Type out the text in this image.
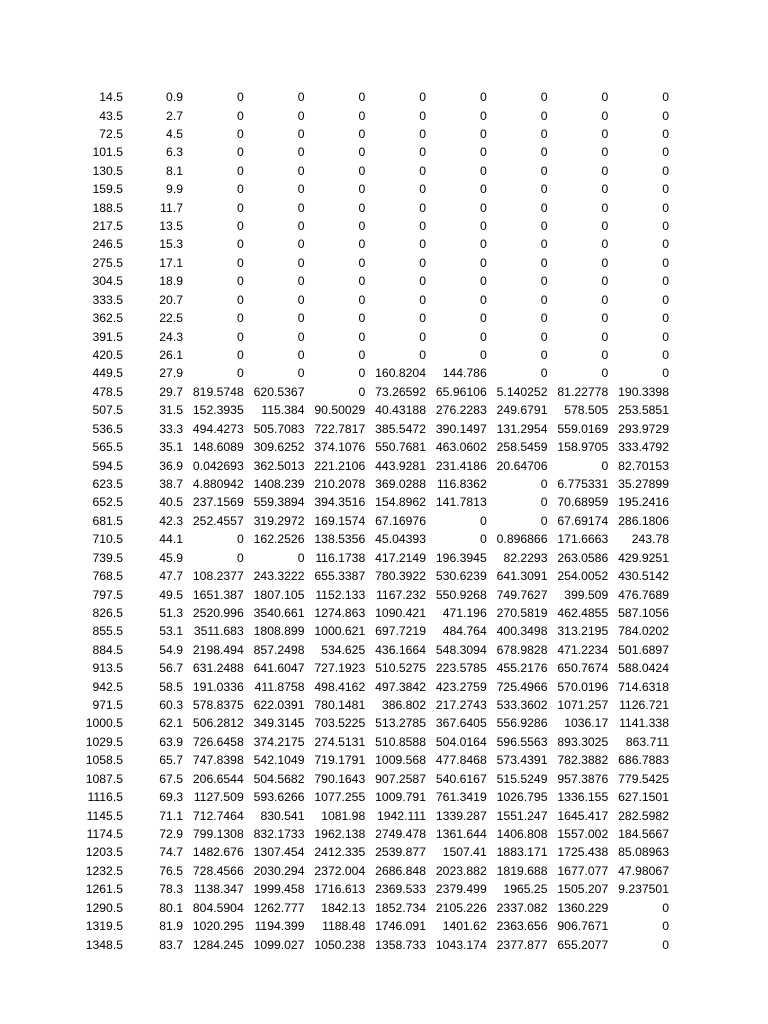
14.5	0.9	0	0	0	0	0	0	0	0
43.5	2.7	0	0	0	0	0	0	0	0
72.5	4.5	0	0	0	0	0	0	0	0
101.5	6.3	0	0	0	0	0	0	0	0
130.5	8.1	0	0	0	0	0	0	0	0
159.5	9.9	0	0	0	0	0	0	0	0
188.5	11.7	0	0	0	0	0	0	0	0
217.5	13.5	0	0	0	0	0	0	0	0
246.5	15.3	0	0	0	0	0	0	0	0
275.5	17.1	0	0	0	0	0	0	0	0
304.5	18.9	0	0	0	0	0	0	0	0
333.5	20.7	0	0	0	0	0	0	0	0
362.5	22.5	0	0	0	0	0	0	0	0
391.5	24.3	0	0	0	0	0	0	0	0
420.5	26.1	0	0	0	0	0	0	0	0
449.5	27.9	0	0	0 160.8204	144.786	0	0	0
478.5	29.7 819.5748 620.5367	0 73.26592 65.96106 5.140252 81.22778 190.3398
507.5	31.5 152.3935	115.384 90.50029 40.43188 276.2283 249.6791	578.505 253.5851
536.5	33.3 494.4273 505.7083 722.7817 385.5472 390.1497 131.2954 559.0169 293.9729
565.5	35.1 148.6089 309.6252 374.1076 550.7681 463.0602 258.5459 158.9705 333.4792
594.5	36.9 0.042693 362.5013 221.2106 443.9281 231.4186 20.64706	0 82.70153
623.5	38.7 4.880942 1408.239 210.2078 369.0288 116.8362	0 6.775331 35.27899
652.5	40.5 237.1569 559.3894 394.3516 154.8962 141.7813	0 70.68959 195.2416
681.5	42.3 252.4557 319.2972 169.1574 67.16976	0	0 67.69174 286.1806
710.5	44.1	0 162.2526 138.5356 45.04393	0 0.896866 171.6663	243.78
739.5	45.9	0	0 116.1738 417.2149 196.3945	82.2293 263.0586 429.9251
768.5	47.7 108.2377 243.3222 655.3387 780.3922 530.6239 641.3091 254.0052 430.5142
797.5	49.5 1651.387 1807.105 1152.133 1167.232 550.9268 749.7627	399.509 476.7689
826.5	51.3 2520.996 3540.661 1274.863 1090.421	471.196 270.5819 462.4855 587.1056
855.5	53.1 3511.683 1808.899 1000.621 697.7219	484.764 400.3498 313.2195 784.0202
884.5	54.9 2198.494 857.2498	534.625 436.1664 548.3094 678.9828 471.2234 501.6897
913.5	56.7 631.2488 641.6047 727.1923 510.5275 223.5785 455.2176 650.7674 588.0424
942.5	58.5 191.0336 411.8758 498.4162 497.3842 423.2759 725.4966 570.0196 714.6318
971.5	60.3 578.8375 622.0391 780.1481	386.802 217.2743 533.3602 1071.257 1126.721
1000.5	62.1 506.2812 349.3145 703.5225 513.2785 367.6405 556.9286	1036.17 1141.338
1029.5	63.9 726.6458 374.2175 274.5131 510.8588 504.0164 596.5563 893.3025	863.711
1058.5	65.7 747.8398 542.1049 719.1791 1009.568 477.8468 573.4391 782.3882 686.7883
1087.5	67.5 206.6544 504.5682 790.1643 907.2587 540.6167 515.5249 957.3876 779.5425
1116.5	69.3 1127.509 593.6266 1077.255 1009.791 761.3419 1026.795 1336.155 627.1501
1145.5	71.1 712.7464	830.541	1081.98 1942.111 1339.287 1551.247 1645.417 282.5982
1174.5	72.9 799.1308 832.1733 1962.138 2749.478 1361.644 1406.808 1557.002 184.5667
1203.5	74.7 1482.676 1307.454 2412.335 2539.877	1507.41 1883.171 1725.438 85.08963
1232.5	76.5 728.4566 2030.294 2372.004 2686.848 2023.882 1819.688 1677.077 47.98067
1261.5	78.3 1138.347 1999.458 1716.613 2369.533 2379.499	1965.25 1505.207 9.237501
1290.5	80.1 804.5904 1262.777	1842.13 1852.734 2105.226 2337.082 1360.229	0
1319.5	81.9 1020.295 1194.399	1188.48 1746.091	1401.62 2363.656 906.7671	0
1348.5	83.7 1284.245 1099.027 1050.238 1358.733 1043.174 2377.877 655.2077	0
